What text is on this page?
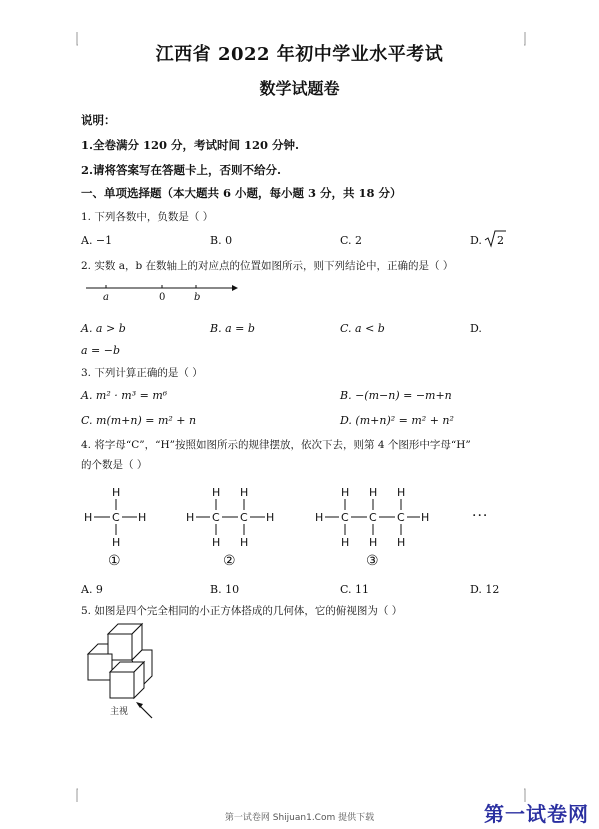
江西省 2022 年初中学业水平考试
数学试题卷
说明：
1.全卷满分 120 分，考试时间 120 分钟.
2.请将答案写在答题卡上，否则不给分.
一、单项选择题（本大题共 6 小题，每小题 3 分，共 18 分）
1. 下列各数中，负数是（ ）
A. −1	B. 0	C. 2	D. 2
2. 实数 a，b 在数轴上的对应点的位置如图所示，则下列结论中，正确的是（ ）
a	0	b
A. a > b	B. a = b	C. a < b	D.
a = −b
3. 下列计算正确的是（ ）
A. m² · m³ = m⁶	B. −(m−n) = −m+n
C. m(m+n) = m² + n	D. (m+n)² = m² + n²
4. 将字母“C”，“H”按照如图所示的规律摆放，依次下去，则第 4 个图形中字母“H”
的个数是（ ）
H
H C H
H
H H
H C C H
H H
H H H
H C C C H
H H H
···
①	②	③
A. 9	B. 10	C. 11	D. 12
5. 如图是四个完全相同的小正方体搭成的几何体，它的俯视图为（ ）
主视
第一试卷网 Shijuan1.Com 提供下载	第一试卷网
